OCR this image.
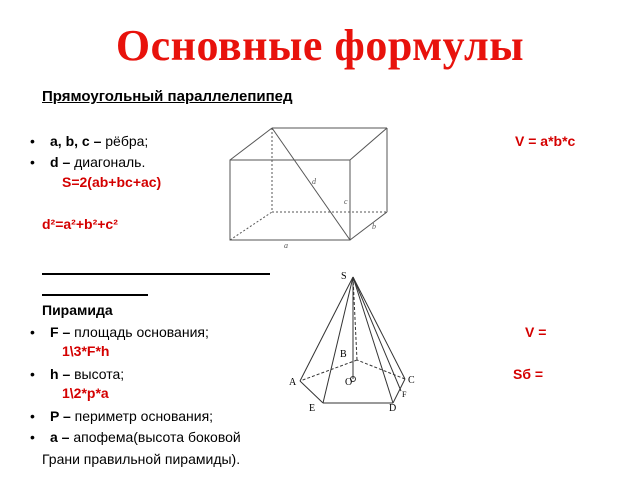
Основные формулы
Прямоугольный параллелепипед
• a, b, c – рёбра;
• d – диагональ.
S=2(ab+bc+ac)
d²=a²+b²+c²
V = a*b*c
d
c
b
a
Пирамида
• F – площадь основания;
1\3*F*h
• h – высота;
1\2*p*a
• P – периметр основания;
• a – апофема(высота боковой
Грани правильной пирамиды).
V =
Sб =
S
B
A	O	C
F
E	D
